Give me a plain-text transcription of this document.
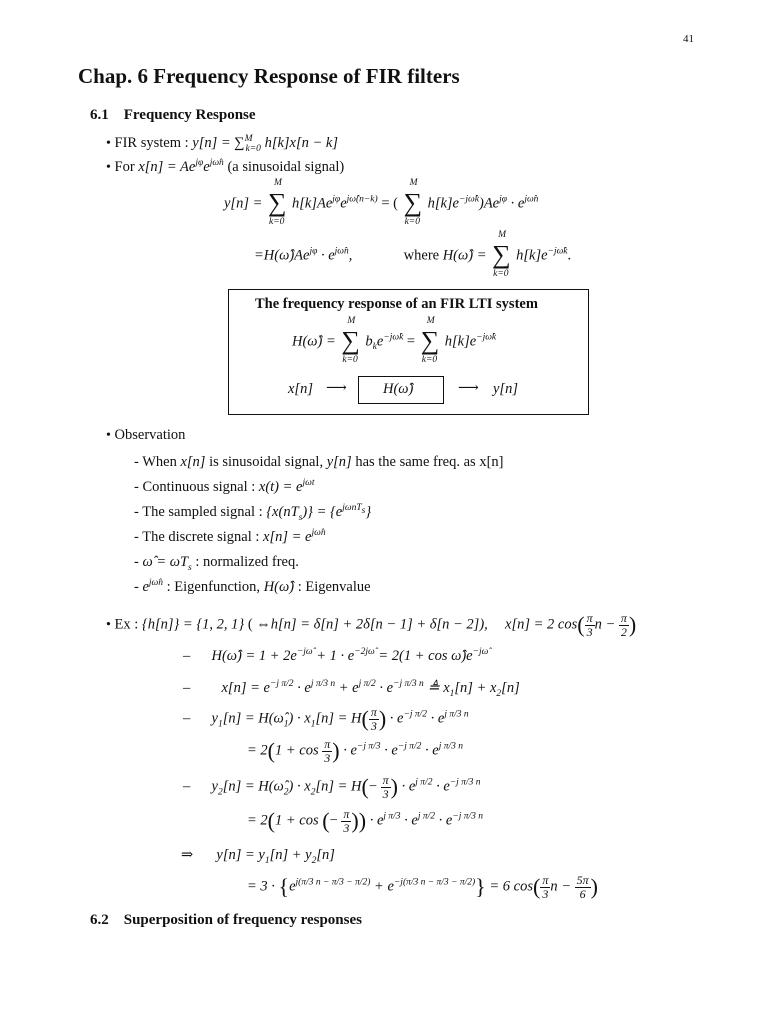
41
Chap. 6 Frequency Response of FIR filters
6.1 Frequency Response
• FIR system : y[n] = ∑$^M_{k=0}$ h[k]x[n − k]
• For $x[n] = Ae^{j\varphi}e^{j\omegân}$ (a sinusoidal signal)
y[n] = ∑
M
k=0
$h[k]Ae^{j\varphi}e^{j\omegâ(n-k)}$ = ( ∑
M
k=0
$h[k]e^{-j\omegâk})Ae^{j\varphi} \cdot e^{j\omegân}$
$=H(\omegâ)Ae^{j\varphi} \cdot e^{j\omegân}$,	where H(ω̂) = ∑
M
k=0
$h[k]e^{-j\omegâk}$.
The frequency response of an FIR LTI system
H(ω̂) = ∑
M
k=0
$b_ke^{-j\omegâk}$ = ∑
M
k=0
$h[k]e^{-j\omegâk}$
x[n] ⟶ H(ω̂)	⟶ y[n]
• Observation
- When x[n] is sinusoidal signal, y[n] has the same freq. as x[n]
- Continuous signal : $x(t) = e^{j\omega t}$
- The sampled signal : $\{x(nT_s)\} = \{e^{j\omega nT_s}\}$
- The discrete signal : $x[n] = e^{j\omegân}$
- ω̂ = $\omega T_s$ : normalized freq.
- $e^{j\omegân}$ : Eigenfunction, H(ω̂) : Eigenvalue
• Ex : {h[n]} = {1, 2, 1} ( ⇔h[n] = δ[n] + 2δ[n − 1] + δ[n − 2]), x[n] = 2 $\cos( \frac{\pi}{3}$ $n - \frac{\pi}{2}$ )
– H(ω̂) = $1 + 2e^{-j\omegâ} + 1 \cdot e^{-2j\omegâ} = 2(1 + \cos$ $\omegâ)e^{-j\omegâ}$
– $x[n] = e^{-j \pi/2} \cdot e^{j \pi/3 n} + e^{j \pi/2} \cdot e^{-j \pi/3 n}$ ≜ $x_1[n] + x_2[n]$
– $y_1[n]$ = $H(\omegâ_1) \cdot x_1[n] = H( \frac{\pi}{3}$ ) · $e^{-j \pi/2} \cdot e^{j \pi/3 n}$
= $2(1 + \cos \frac{\pi}{3}$ ) · $e^{-j \pi/3} \cdot e^{-j \pi/2} \cdot e^{j \pi/3 n}$
– $y_2[n]$ = $H(\omegâ_2) \cdot x_2[n] = H(- \frac{\pi}{3}$ ) · $e^{j \pi/2} \cdot e^{-j \pi/3 n}$
= 2(1 + cos (− $\frac{\pi}{3}$ )) · $e^{j \pi/3} \cdot e^{j \pi/2} \cdot e^{-j \pi/3 n}$
⇒ $y[n] = y_1[n] + y_2[n]$
= $3 \cdot \{e^{j(\pi/3 n - \pi/3 - \pi/2)} + e^{-j(\pi/3 n - \pi/3 - \pi/2)}\} = 6$ $\cos( \frac{\pi}{3}$ $n - \frac{5\pi}{6}$ )
6.2 Superposition of frequency responses
